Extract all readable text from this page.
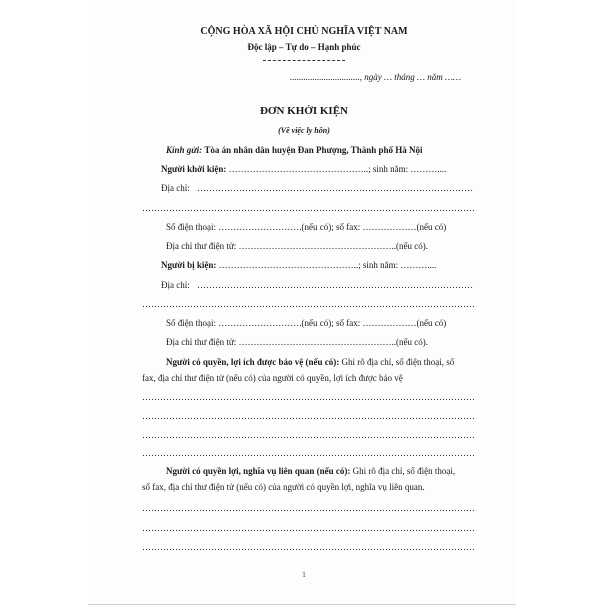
CỘNG HÒA XÃ HỘI CHỦ NGHĨA VIỆT NAM
Độc lập – Tự do – Hạnh phúc
..............................., ngày … tháng … năm ……
ĐƠN KHỞI KIỆN
(Về việc ly hôn)
Kính gửi: Tòa án nhân dân huyện Đan Phượng, Thành phố Hà Nội
Người khởi kiện: ………………………………………..; sinh năm: ………....
Địa chỉ:
……………………………………………………………………………………………………………………………………
……………………………………………………………………………………………………………………………………
Số điện thoại: ……………………….(nếu có); số fax: ………………(nếu có)
Địa chỉ thư điện tử: ……………………………………………..(nếu có).
Người bị kiện: ………………………………………..; sinh năm: ………....
Địa chỉ:
……………………………………………………………………………………………………………………………………
……………………………………………………………………………………………………………………………………
Số điện thoại: ……………………….(nếu có); số fax: ………………(nếu có)
Địa chỉ thư điện tử: ……………………………………………..(nếu có).
Người có quyền, lợi ích được bảo vệ (nếu có): Ghi rõ địa chỉ, số điện thoại, số
fax, địa chỉ thư điện tử (nếu có) của người có quyền, lợi ích được bảo vệ
……………………………………………………………………………………………………………………………………
……………………………………………………………………………………………………………………………………
……………………………………………………………………………………………………………………………………
……………………………………………………………………………………………………………………………………
Người có quyền lợi, nghĩa vụ liên quan (nếu có): Ghi rõ địa chỉ, số điện thoại,
số fax, địa chỉ thư điện tử (nếu có) của người có quyền lợi, nghĩa vụ liên quan.
……………………………………………………………………………………………………………………………………
……………………………………………………………………………………………………………………………………
……………………………………………………………………………………………………………………………………
1
